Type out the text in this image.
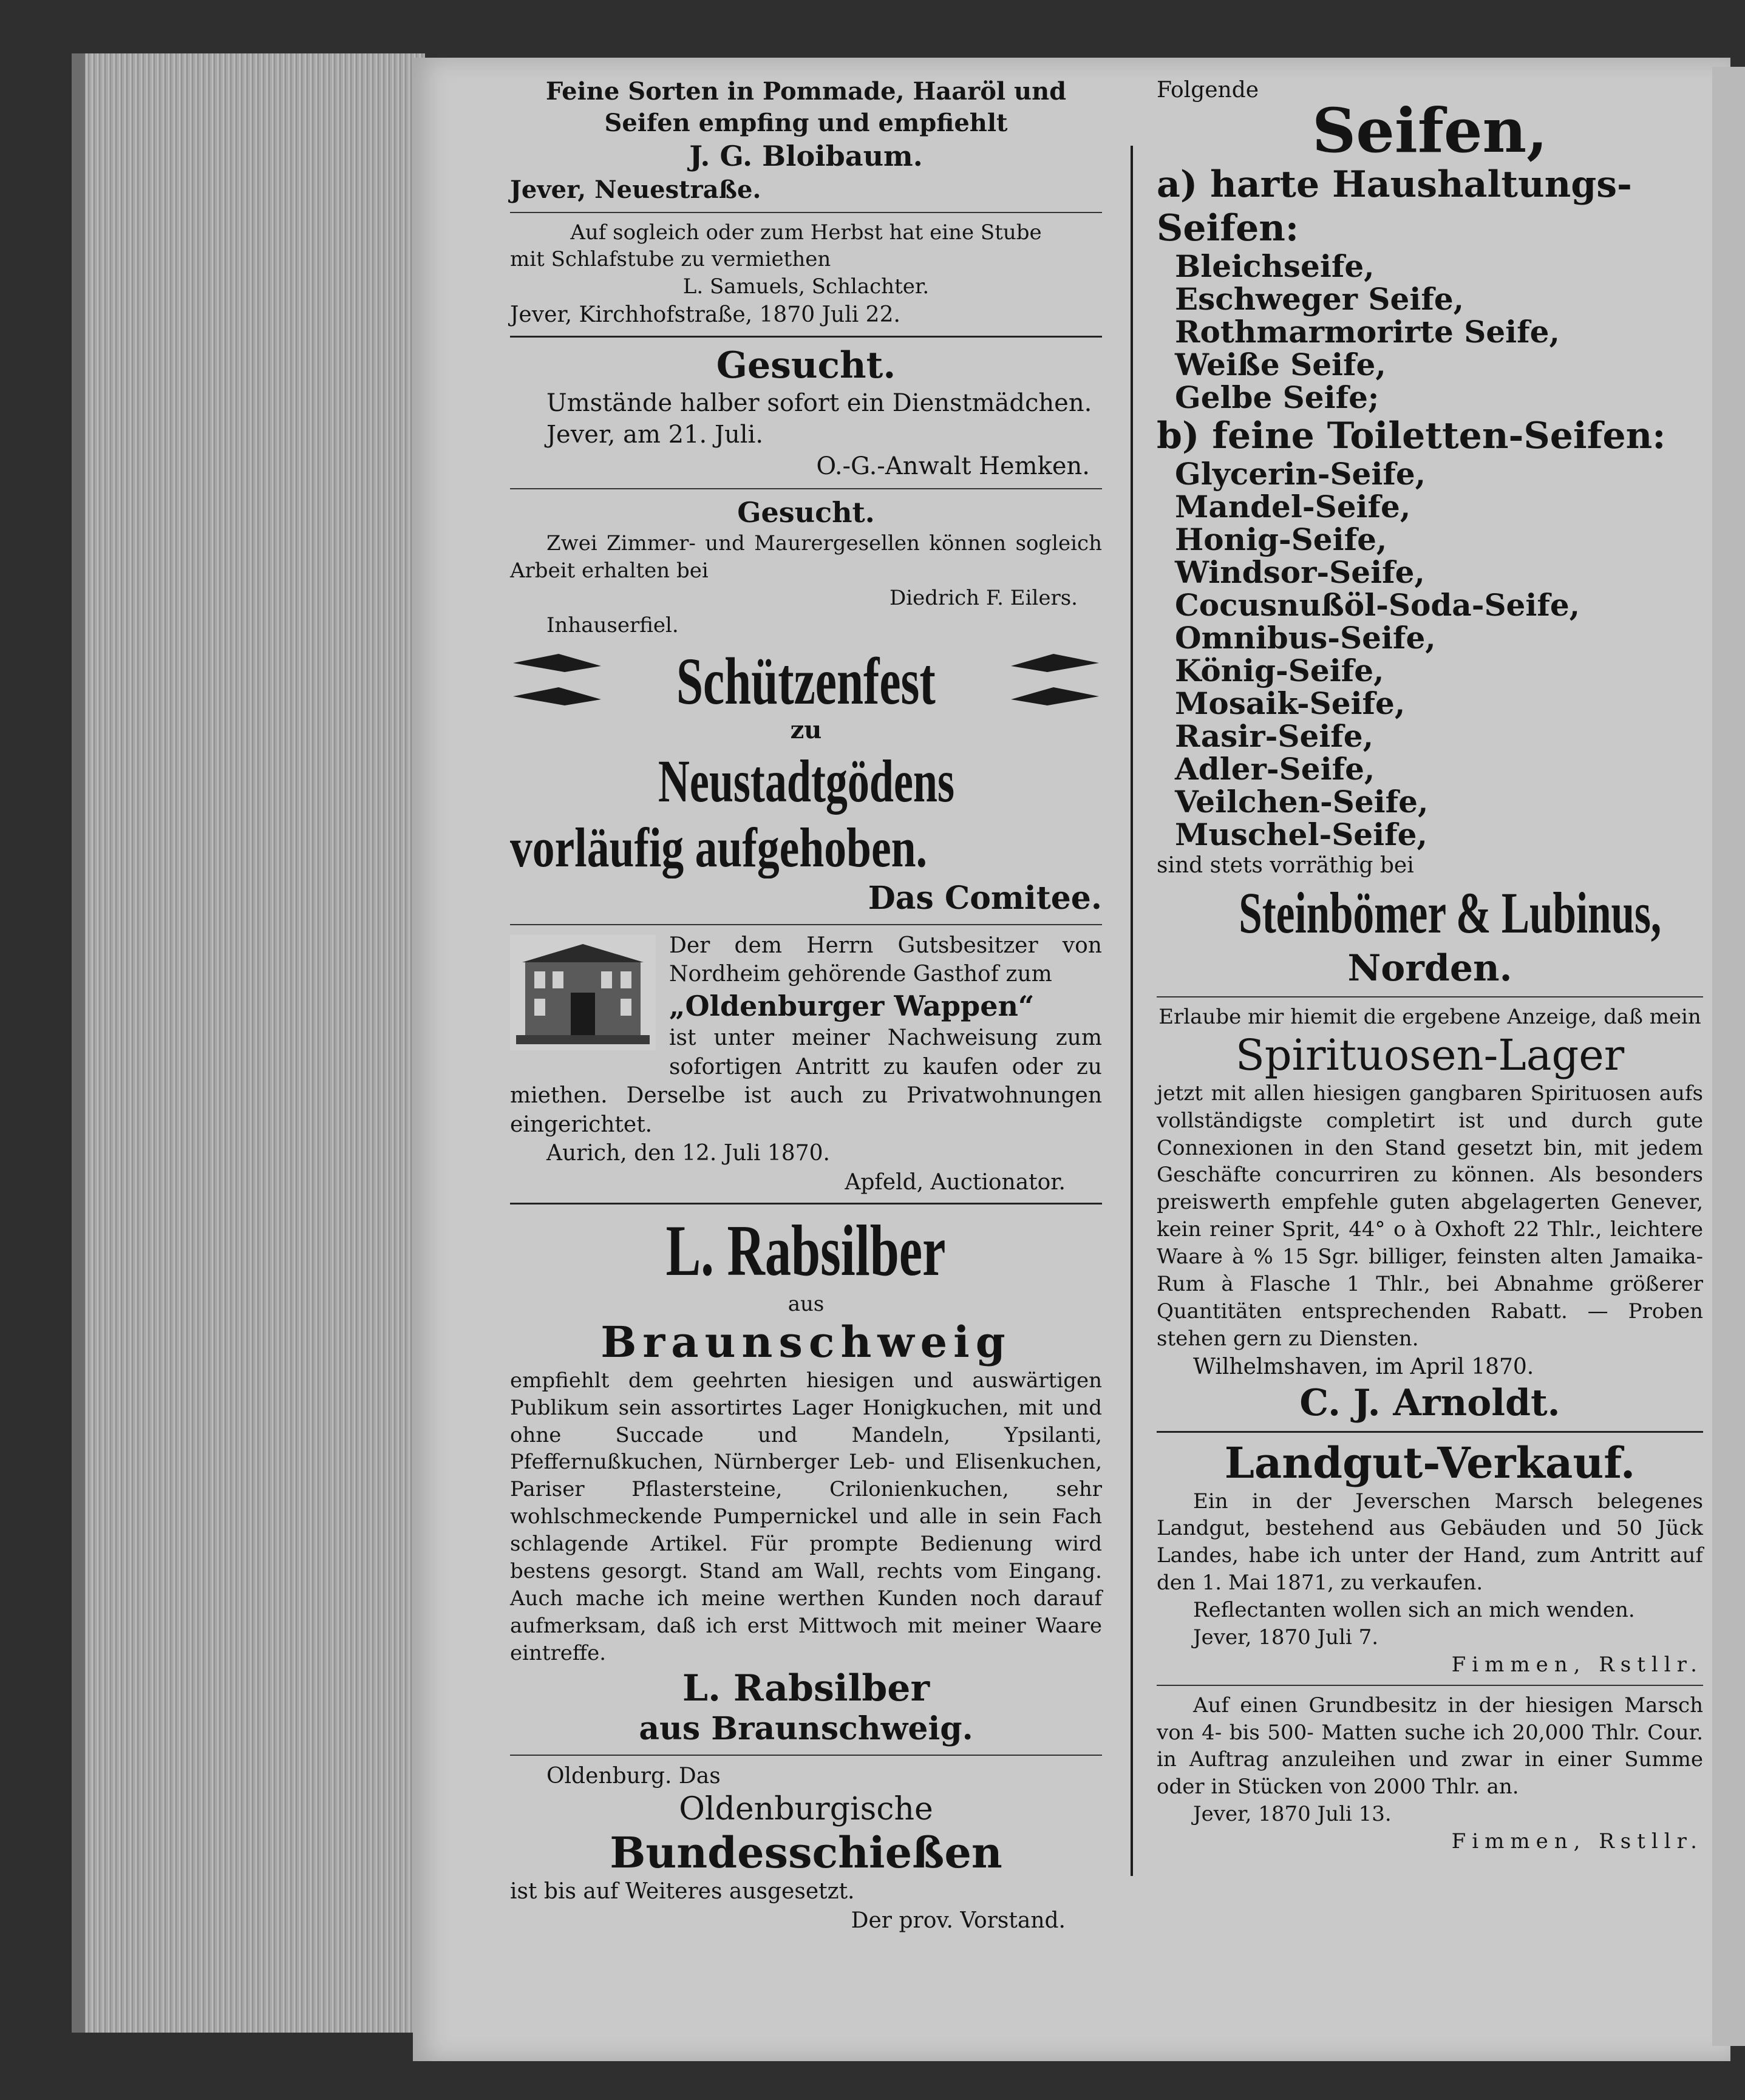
Feine Sorten in Pommade, Haaröl und

Seifen empfing und empfiehlt

J. G. Bloibaum.

Jever, Neuestraße.

Auf sogleich oder zum Herbst hat eine Stube

mit Schlafstube zu vermiethen

L. Samuels, Schlachter.

Jever, Kirchhofstraße, 1870 Juli 22.

Gesucht.

Umstände halber sofort ein Dienstmädchen.

Jever, am 21. Juli.

O.-G.-Anwalt Hemken.

Gesucht.

Zwei Zimmer- und Maurergesellen können sogleich Arbeit erhalten bei

Diedrich F. Eilers.

Inhauserfiel.

Schützenfest

zu

Neustadtgödens
vorläufig aufgehoben.

Das Comitee.

Der dem Herrn Gutsbesitzer von Nordheim gehörende Gasthof zum

„Oldenburger Wappen“

ist unter meiner Nachweisung zum sofortigen Antritt zu kaufen oder zu miethen. Derselbe ist auch zu Privatwohnungen eingerichtet.

Aurich, den 12. Juli 1870.

Apfeld, Auctionator.

L. Rabsilber

aus

Braunschweig

empfiehlt dem geehrten hiesigen und auswärtigen Publikum sein assortirtes Lager Honigkuchen, mit und ohne Succade und Mandeln, Ypsilanti, Pfeffernußkuchen, Nürnberger Leb- und Elisenkuchen, Pariser Pflastersteine, Crilonienkuchen, sehr wohlschmeckende Pumpernickel und alle in sein Fach schlagende Artikel. Für prompte Bedienung wird bestens gesorgt. Stand am Wall, rechts vom Eingang. Auch mache ich meine werthen Kunden noch darauf aufmerksam, daß ich erst Mittwoch mit meiner Waare eintreffe.

L. Rabsilber

aus Braunschweig.

Oldenburg. Das

Oldenburgische

Bundesschießen

ist bis auf Weiteres ausgesetzt.

Der prov. Vorstand.

Folgende

Seifen,

a) harte Haushaltungs-Seifen:

Bleichseife,

Eschweger Seife,

Rothmarmorirte Seife,

Weiße Seife,

Gelbe Seife;

b) feine Toiletten-Seifen:

Glycerin-Seife,

Mandel-Seife,

Honig-Seife,

Windsor-Seife,

Cocusnußöl-Soda-Seife,

Omnibus-Seife,

König-Seife,

Mosaik-Seife,

Rasir-Seife,

Adler-Seife,

Veilchen-Seife,

Muschel-Seife,

sind stets vorräthig bei

Steinbömer & Lubinus,

Norden.

Erlaube mir hiemit die ergebene Anzeige, daß mein

Spirituosen-Lager

jetzt mit allen hiesigen gangbaren Spirituosen aufs vollständigste completirt ist und durch gute Connexionen in den Stand gesetzt bin, mit jedem Geschäfte concurriren zu können. Als besonders preiswerth empfehle guten abgelagerten Genever, kein reiner Sprit, 44° o à Oxhoft 22 Thlr., leichtere Waare à % 15 Sgr. billiger, feinsten alten Jamaika-Rum à Flasche 1 Thlr., bei Abnahme größerer Quantitäten entsprechenden Rabatt. — Proben stehen gern zu Diensten.

Wilhelmshaven, im April 1870.

C. J. Arnoldt.

Landgut-Verkauf.

Ein in der Jeverschen Marsch belegenes Landgut, bestehend aus Gebäuden und 50 Jück Landes, habe ich unter der Hand, zum Antritt auf den 1. Mai 1871, zu verkaufen.

Reflectanten wollen sich an mich wenden.

Jever, 1870 Juli 7.

Fimmen, Rstllr.

Auf einen Grundbesitz in der hiesigen Marsch von 4- bis 500- Matten suche ich 20,000 Thlr. Cour. in Auftrag anzuleihen und zwar in einer Summe oder in Stücken von 2000 Thlr. an.

Jever, 1870 Juli 13.

Fimmen, Rstllr.
